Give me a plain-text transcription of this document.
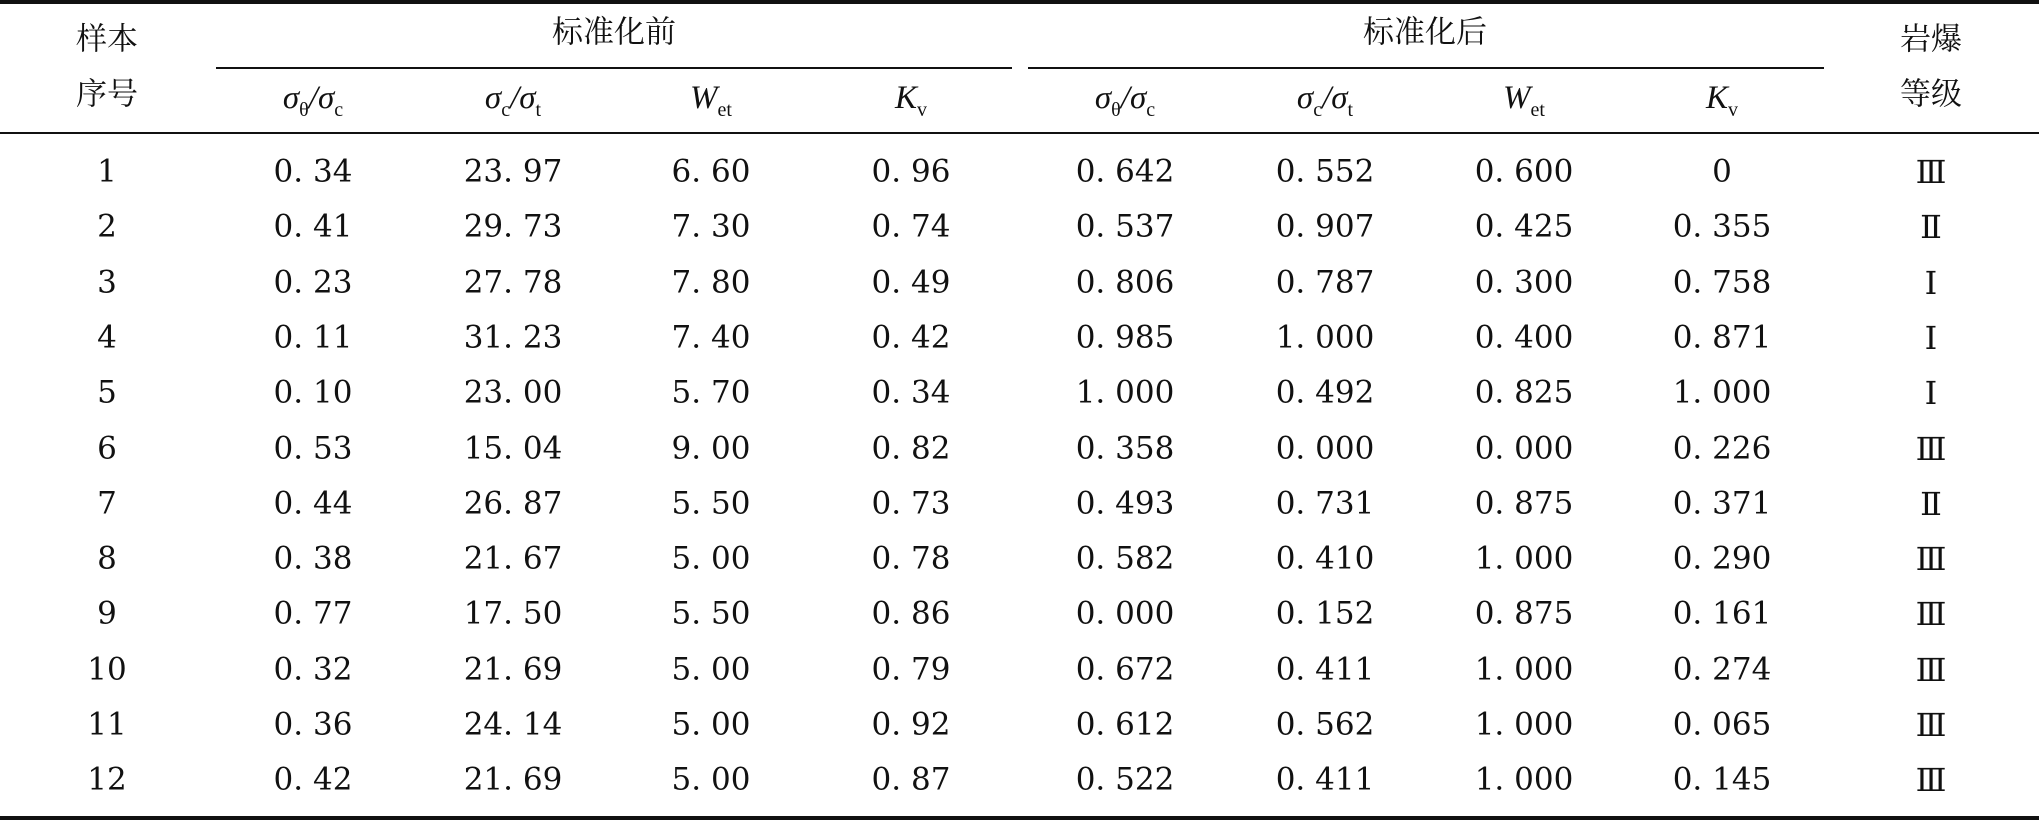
样本
序号
标准化前	标准化后	岩爆
等级
$\sigma_\theta/\sigma_c$	$\sigma_c/\sigma_t$	$W_{et}$	$K_v$	$\sigma_\theta/\sigma_c$	$\sigma_c/\sigma_t$	$W_{et}$	$K_v$
1	0. 34	23. 97	6. 60	0. 96	0. 642	0. 552	0. 600	0	Ⅲ
2	0. 41	29. 73	7. 30	0. 74	0. 537	0. 907	0. 425	0. 355	Ⅱ
3	0. 23	27. 78	7. 80	0. 49	0. 806	0. 787	0. 300	0. 758	Ⅰ
4	0. 11	31. 23	7. 40	0. 42	0. 985	1. 000	0. 400	0. 871	Ⅰ
5	0. 10	23. 00	5. 70	0. 34	1. 000	0. 492	0. 825	1. 000	Ⅰ
6	0. 53	15. 04	9. 00	0. 82	0. 358	0. 000	0. 000	0. 226	Ⅲ
7	0. 44	26. 87	5. 50	0. 73	0. 493	0. 731	0. 875	0. 371	Ⅱ
8	0. 38	21. 67	5. 00	0. 78	0. 582	0. 410	1. 000	0. 290	Ⅲ
9	0. 77	17. 50	5. 50	0. 86	0. 000	0. 152	0. 875	0. 161	Ⅲ
10	0. 32	21. 69	5. 00	0. 79	0. 672	0. 411	1. 000	0. 274	Ⅲ
11	0. 36	24. 14	5. 00	0. 92	0. 612	0. 562	1. 000	0. 065	Ⅲ
12	0. 42	21. 69	5. 00	0. 87	0. 522	0. 411	1. 000	0. 145	Ⅲ
